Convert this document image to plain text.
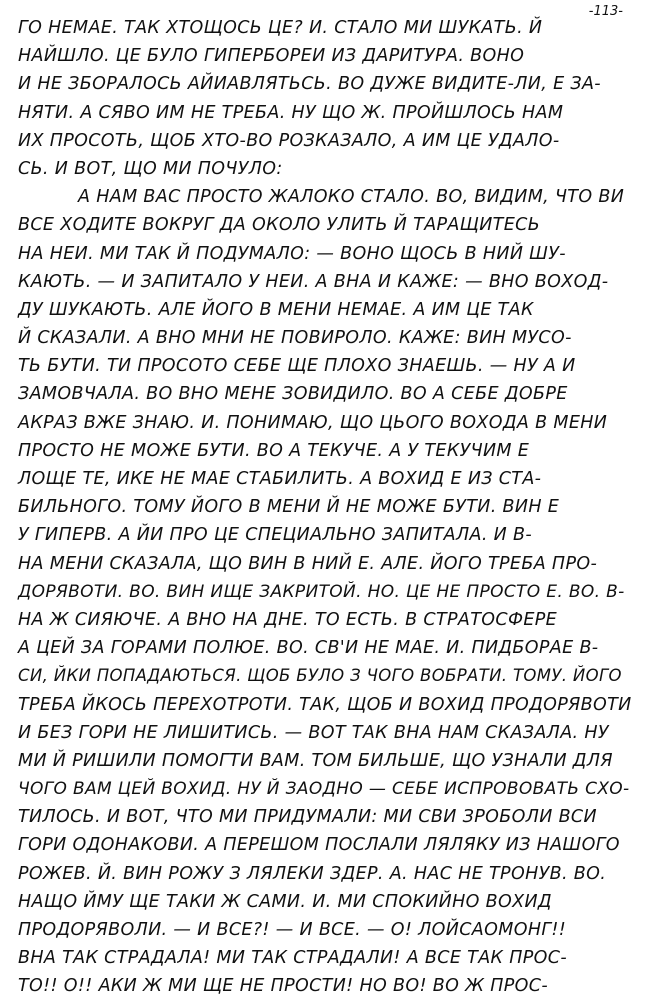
-113-
ГО НЕМАЕ. ТАК ХТОЩОСЬ ЦЕ? И. СТАЛО МИ ШУКАТЬ. Й
НАЙШЛО. ЦЕ БУЛО ГИПЕРБОРЕИ ИЗ ДАРИТУРА. ВОНО
И НЕ ЗБОРАЛОСЬ АЙИАВЛЯТЬСЬ. ВО ДУЖЕ ВИДИТЕ-ЛИ, Е ЗА-
НЯТИ. А СЯВО ИМ НЕ ТРЕБА. НУ ЩО Ж. ПРОЙШЛОСЬ НАМ
ИХ ПРОСОТЬ, ЩОБ ХТО-ВО РОЗКАЗАЛО, А ИМ ЦЕ УДАЛО-
СЬ. И ВОТ, ЩО МИ ПОЧУЛО:
А НАМ ВАС ПРОСТО ЖАЛОКО СТАЛО. ВО, ВИДИМ, ЧТО ВИ
ВСЕ ХОДИТЕ ВОКРУГ ДА ОКОЛО УЛИТЬ Й ТАРАЩИТЕСЬ
НА НЕИ. МИ ТАК Й ПОДУМАЛО: — ВОНО ЩОСЬ В НИЙ ШУ-
КАЮТЬ. — И ЗАПИТАЛО У НЕИ. А ВНА И КАЖЕ: — ВНО ВОХОД-
ДУ ШУКАЮТЬ. АЛЕ ЙОГО В МЕНИ НЕМАЕ. А ИМ ЦЕ ТАК
Й СКАЗАЛИ. А ВНО МНИ НЕ ПОВИРОЛО. КАЖЕ: ВИН МУСО-
ТЬ БУТИ. ТИ ПРОСОТО СЕБЕ ЩЕ ПЛОХО ЗНАЕШЬ. — НУ А И
ЗАМОВЧАЛА. ВО ВНО МЕНЕ ЗОВИДИЛО. ВО А СЕБЕ ДОБРЕ
АКРАЗ ВЖЕ ЗНАЮ. И. ПОНИМАЮ, ЩО ЦЬОГО ВОХОДА В МЕНИ
ПРОСТО НЕ МОЖЕ БУТИ. ВО А ТЕКУЧЕ. А У ТЕКУЧИМ Е
ЛОЩЕ ТЕ, ИКЕ НЕ МАЕ СТАБИЛИТЬ. А ВОХИД Е ИЗ СТА-
БИЛЬНОГО. ТОМУ ЙОГО В МЕНИ Й НЕ МОЖЕ БУТИ. ВИН Е
У ГИПЕРВ. А ЙИ ПРО ЦЕ СПЕЦИАЛЬНО ЗАПИТАЛА. И В-
НА МЕНИ СКАЗАЛА, ЩО ВИН В НИЙ Е. АЛЕ. ЙОГО ТРЕБА ПРО-
ДОРЯВОТИ. ВО. ВИН ИЩЕ ЗАКРИТОЙ. НО. ЦЕ НЕ ПРОСТО Е. ВО. В-
НА Ж СИЯЮЧЕ. А ВНО НА ДНЕ. ТО ЕСТЬ. В СТРАТОСФЕРЕ
А ЦЕЙ ЗА ГОРАМИ ПОЛЮЕ. ВО. СВ'И НЕ МАЕ. И. ПИДБОРАЕ В-
СИ, ЙКИ ПОПАДАЮТЬСЯ. ЩОБ БУЛО З ЧОГО ВОБРАТИ. ТОМУ. ЙОГО
ТРЕБА ЙКОСЬ ПЕРЕХОТРОТИ. ТАК, ЩОБ И ВОХИД ПРОДОРЯВОТИ
И БЕЗ ГОРИ НЕ ЛИШИТИСЬ. — ВОТ ТАК ВНА НАМ СКАЗАЛА. НУ
МИ Й РИШИЛИ ПОМОГТИ ВАМ. ТОМ БИЛЬШЕ, ЩО УЗНАЛИ ДЛЯ
ЧОГО ВАМ ЦЕЙ ВОХИД. НУ Й ЗАОДНО — СЕБЕ ИСПРОВОВАТЬ СХО-
ТИЛОСЬ. И ВОТ, ЧТО МИ ПРИДУМАЛИ: МИ СВИ ЗРОБОЛИ ВСИ
ГОРИ ОДОНАКОВИ. А ПЕРЕШОМ ПОСЛАЛИ ЛЯЛЯКУ ИЗ НАШОГО
РОЖЕВ. Й. ВИН РОЖУ З ЛЯЛЕКИ ЗДЕР. А. НАС НЕ ТРОНУВ. ВО.
НАЩО ЙМУ ЩЕ ТАКИ Ж САМИ. И. МИ СПОКИЙНО ВОХИД
ПРОДОРЯВОЛИ. — И ВСЕ?! — И ВСЕ. — О! ЛОЙСАОМОНГ!!
ВНА ТАК СТРАДАЛА! МИ ТАК СТРАДАЛИ! А ВСЕ ТАК ПРОС-
ТО!! О!! АКИ Ж МИ ЩЕ НЕ ПРОСТИ! НО ВО! ВО Ж ПРОС-
